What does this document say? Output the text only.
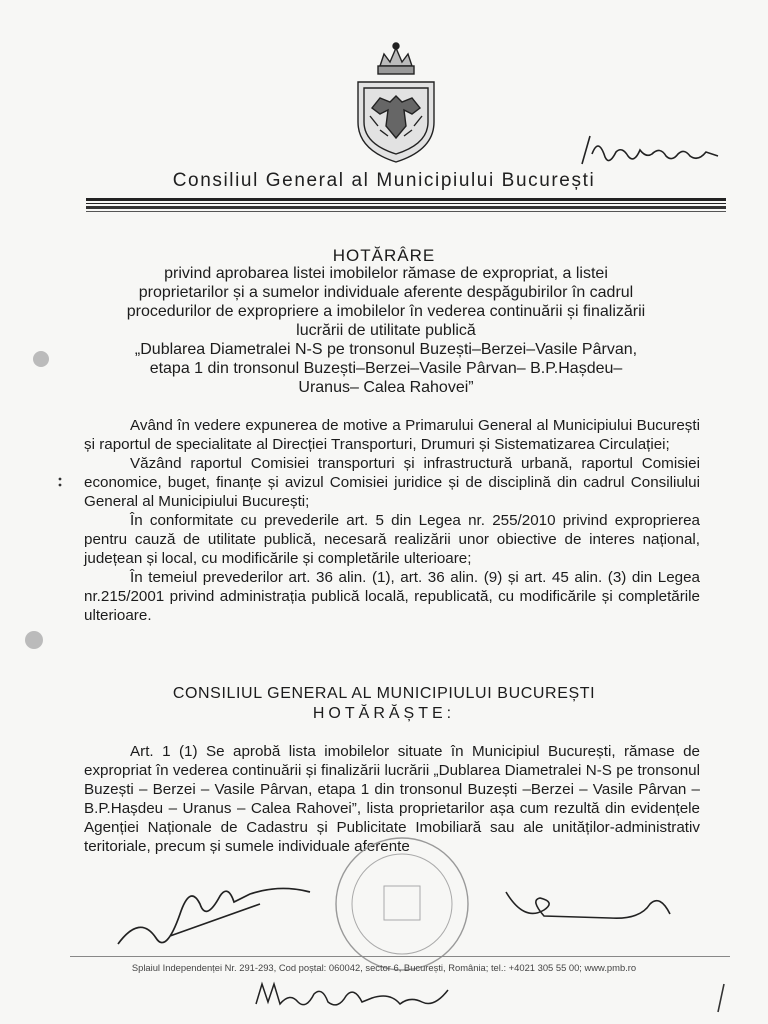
Consiliul General al Municipiului București
HOTĂRÂRE
privind aprobarea listei imobilelor rămase de expropriat, a listei
proprietarilor și a sumelor individuale aferente despăgubirilor în cadrul
procedurilor de expropriere a imobilelor în vederea continuării și finalizării
lucrării de utilitate publică
„Dublarea Diametralei N-S pe tronsonul Buzești–Berzei–Vasile Pârvan,
etapa 1 din tronsonul Buzești–Berzei–Vasile Pârvan– B.P.Hașdeu–
Uranus– Calea Rahovei”

Având în vedere expunerea de motive a Primarului General al Municipiului București și raportul de specialitate al Direcției Transporturi, Drumuri și Sistematizarea Circulației;

Văzând raportul Comisiei transporturi și infrastructură urbană, raportul Comisiei economice, buget, finanțe și avizul Comisiei juridice și de disciplină din cadrul Consiliului General al Municipiului București;

În conformitate cu prevederile art. 5 din Legea nr. 255/2010 privind exproprierea pentru cauză de utilitate publică, necesară realizării unor obiective de interes național, județean și local, cu modificările și completările ulterioare;

În temeiul prevederilor art. 36 alin. (1), art. 36 alin. (9) și art. 45 alin. (3) din Legea nr.215/2001 privind administrația publică locală, republicată, cu modificările și completările ulterioare.

CONSILIUL GENERAL AL MUNICIPIULUI BUCUREȘTI
HOTĂRĂȘTE:

Art. 1 (1) Se aprobă lista imobilelor situate în Municipiul București, rămase de expropriat în vederea continuării și finalizării lucrării „Dublarea Diametralei N-S pe tronsonul Buzești – Berzei – Vasile Pârvan, etapa 1 din tronsonul Buzești –Berzei – Vasile Pârvan – B.P.Hașdeu – Uranus – Calea Rahovei”, lista proprietarilor așa cum rezultă din evidențele Agenției Naționale de Cadastru și Publicitate Imobiliară sau ale unităților-administrativ teritoriale, precum și sumele individuale aferente

Splaiul Independenței Nr. 291-293, Cod poștal: 060042, sector 6, București, România; tel.: +4021 305 55 00; www.pmb.ro
